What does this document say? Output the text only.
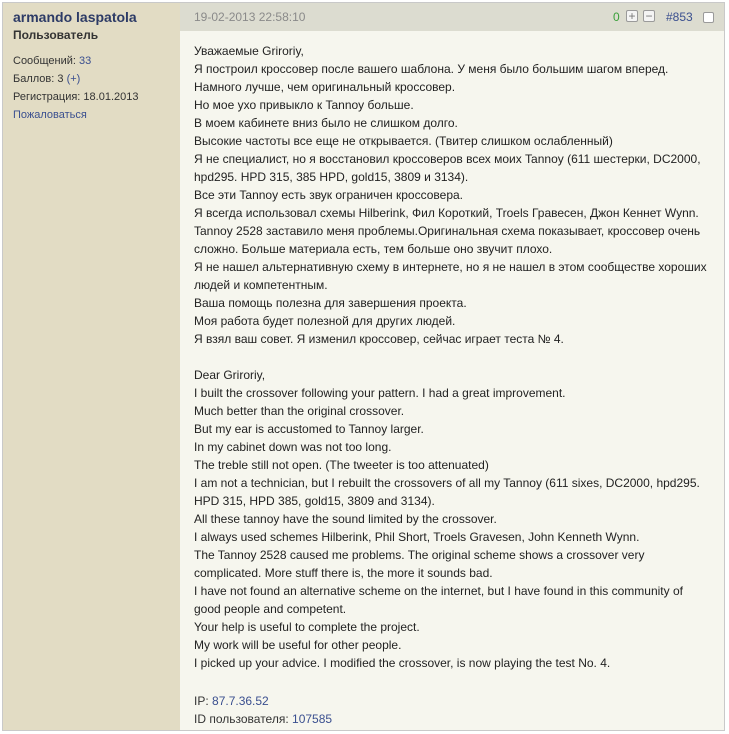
armando laspatola
Пользователь
Сообщений: 33
Баллов: 3 (+)
Регистрация: 18.01.2013
Пожаловаться
19-02-2013 22:58:10	0 + − #853
Уважаемые Griroriy,
Я построил кроссовер после вашего шаблона. У меня было большим шагом вперед.
Намного лучше, чем оригинальный кроссовер.
Но мое ухо привыкло к Tannoy больше.
В моем кабинете вниз было не слишком долго.
Высокие частоты все еще не открывается. (Твитер слишком ослабленный)
Я не специалист, но я восстановил кроссоверов всех моих Tannoy (611 шестерки, DC2000,
hpd295. HPD 315, 385 HPD, gold15, 3809 и 3134).
Все эти Tannoy есть звук ограничен кроссовера.
Я всегда использовал схемы Hilberink, Фил Короткий, Troels Гравесен, Джон Кеннет Wynn.
Tannoy 2528 заставило меня проблемы.Оригинальная схема показывает, кроссовер очень
сложно. Больше материала есть, тем больше оно звучит плохо.
Я не нашел альтернативную схему в интернете, но я не нашел в этом сообществе хороших
людей и компетентным.
Ваша помощь полезна для завершения проекта.
Моя работа будет полезной для других людей.
Я взял ваш совет. Я изменил кроссовер, сейчас играет теста № 4.
Dear Griroriy,
I built the crossover following your pattern. I had a great improvement.
Much better than the original crossover.
But my ear is accustomed to Tannoy larger.
In my cabinet down was not too long.
The treble still not open. (The tweeter is too attenuated)
I am not a technician, but I rebuilt the crossovers of all my Tannoy (611 sixes, DC2000, hpd295.
HPD 315, HPD 385, gold15, 3809 and 3134).
All these tannoy have the sound limited by the crossover.
I always used schemes Hilberink, Phil Short, Troels Gravesen, John Kenneth Wynn.
The Tannoy 2528 caused me problems. The original scheme shows a crossover very
complicated. More stuff there is, the more it sounds bad.
I have not found an alternative scheme on the internet, but I have found in this community of
good people and competent.
Your help is useful to complete the project.
My work will be useful for other people.
I picked up your advice. I modified the crossover, is now playing the test No. 4.
IP: 87.7.36.52
ID пользователя: 107585
